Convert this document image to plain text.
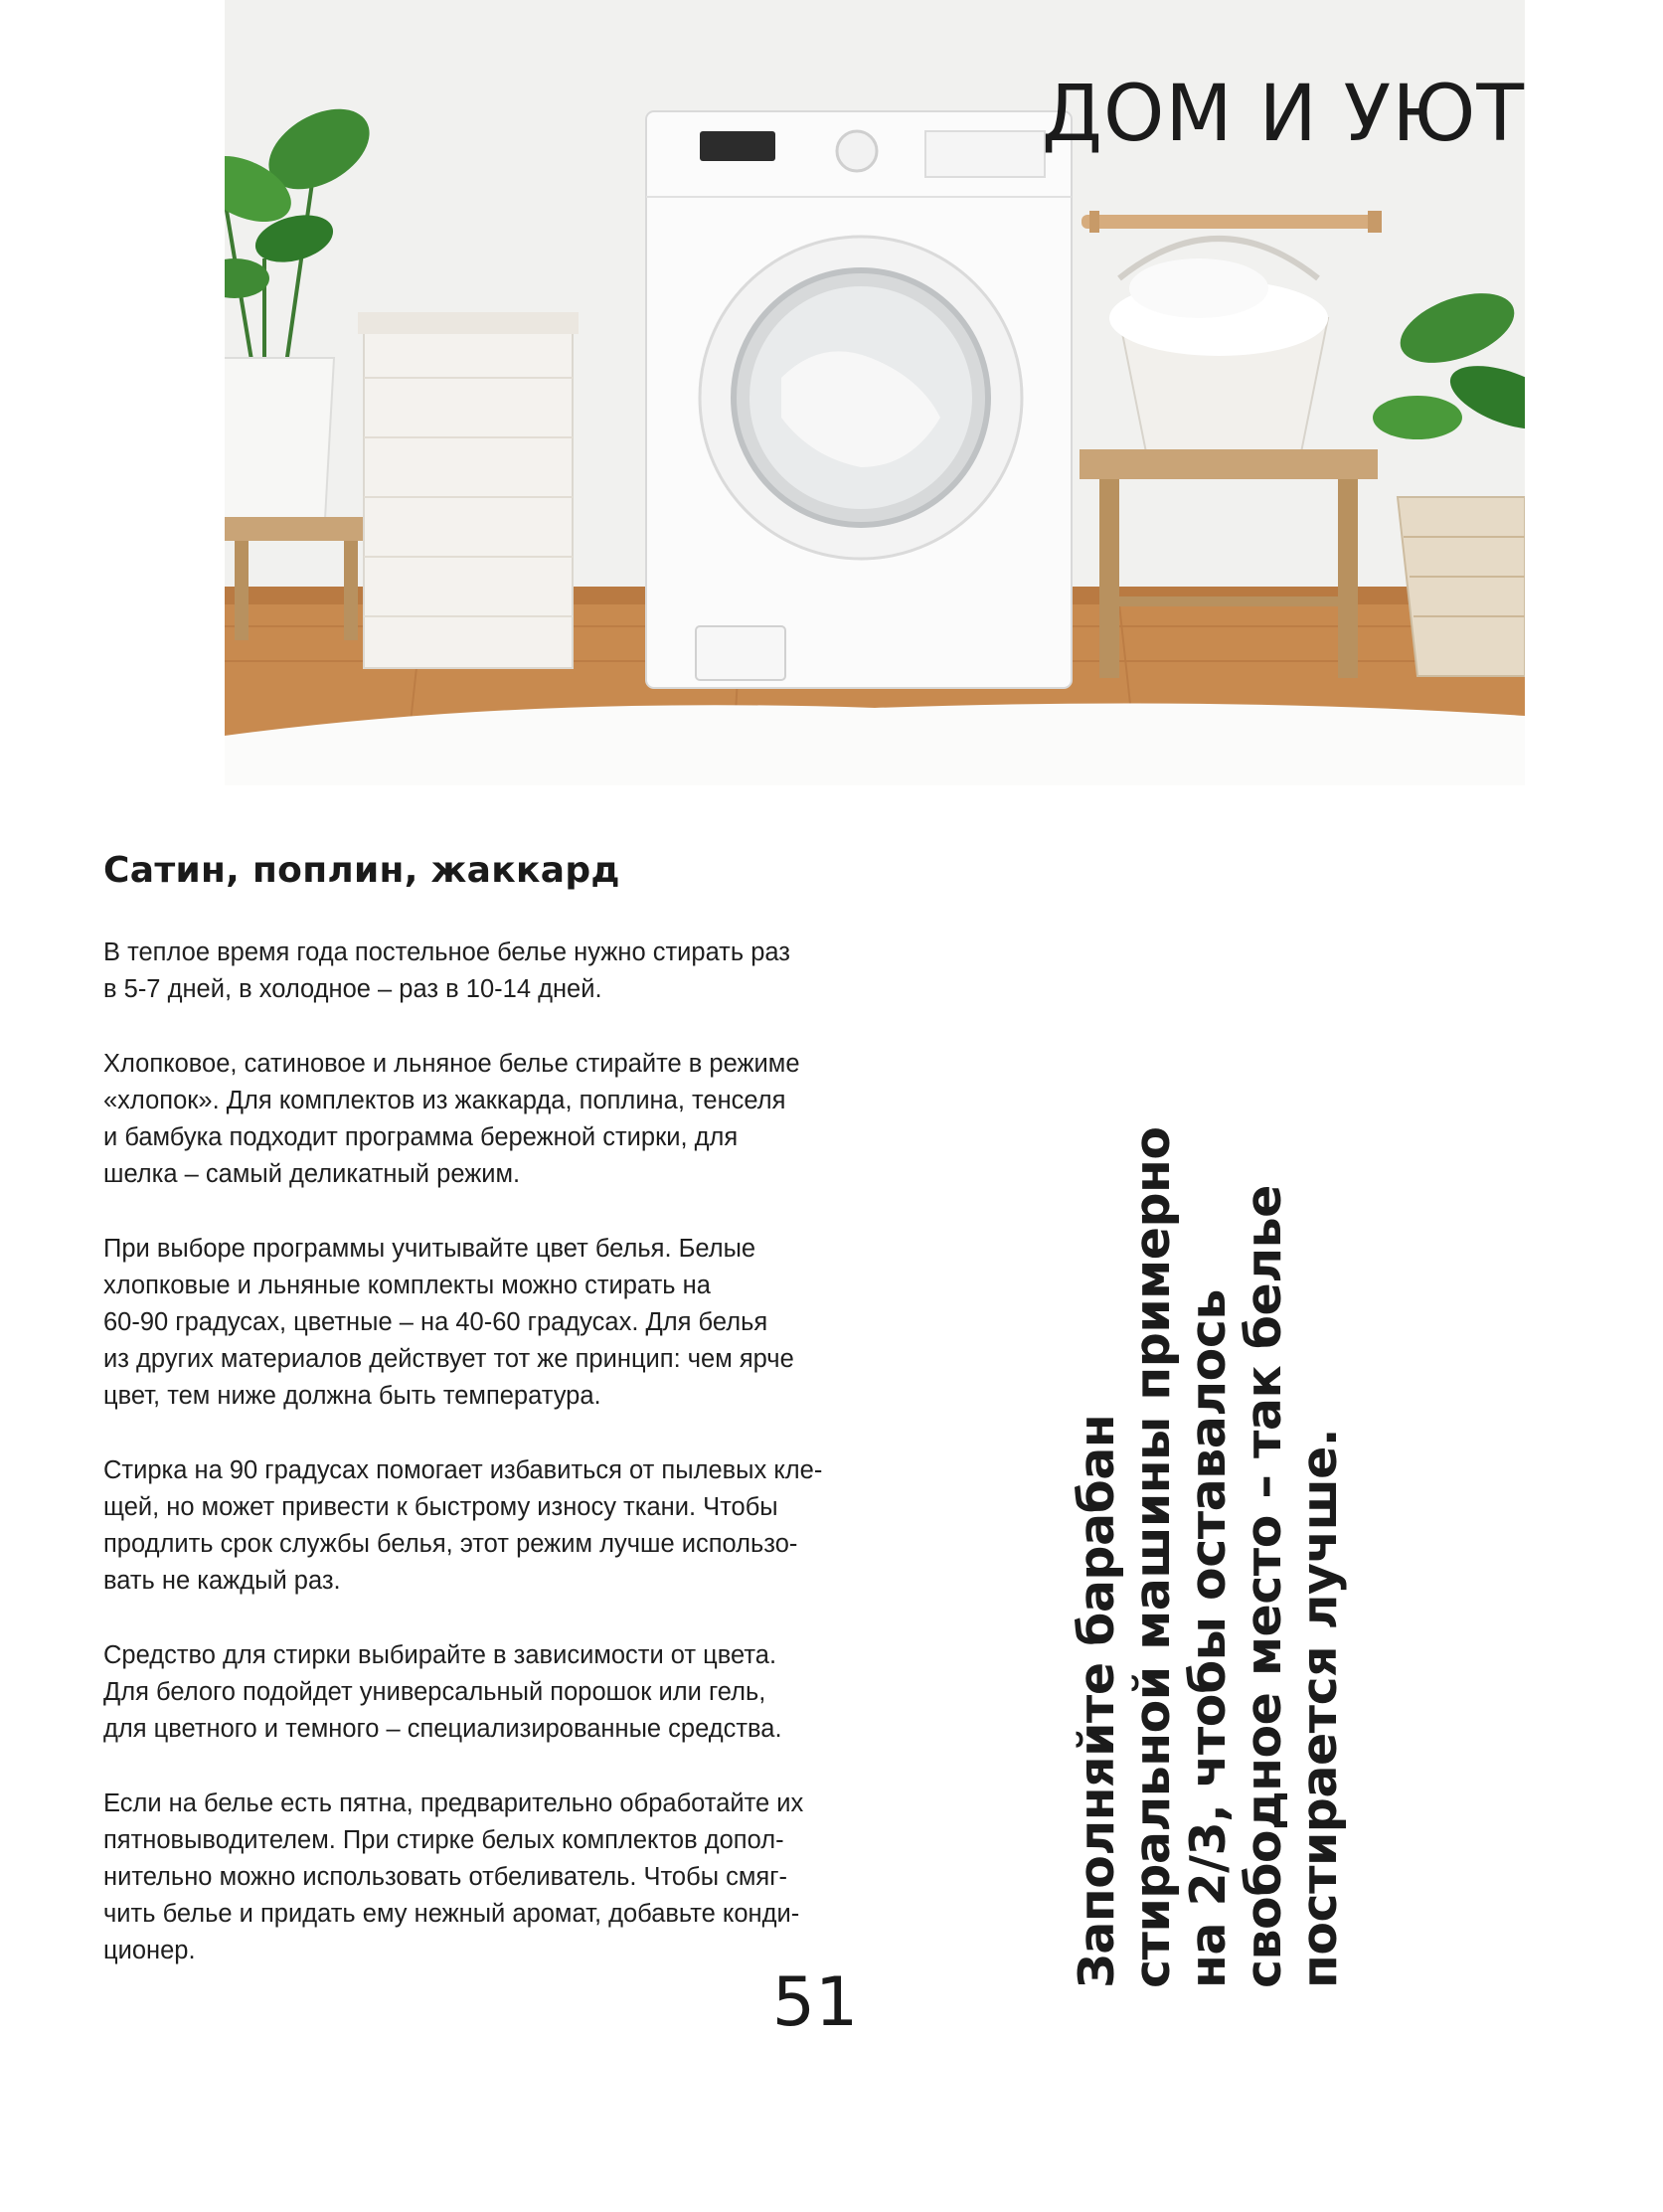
ДОМ И УЮТ
Сатин, поплин, жаккард

В теплое время года постельное белье нужно стирать раз
в 5-7 дней, в холодное – раз в 10-14 дней.

Хлопковое, сатиновое и льняное белье стирайте в режиме
«хлопок». Для комплектов из жаккарда, поплина, тенселя
и бамбука подходит программа бережной стирки, для
шелка – самый деликатный режим.

При выборе программы учитывайте цвет белья. Белые
хлопковые и льняные комплекты можно стирать на
60-90 градусах, цветные – на 40-60 градусах. Для белья
из других материалов действует тот же принцип: чем ярче
цвет, тем ниже должна быть температура.

Стирка на 90 градусах помогает избавиться от пылевых кле-
щей, но может привести к быстрому износу ткани. Чтобы
продлить срок службы белья, этот режим лучше использо-
вать не каждый раз.

Средство для стирки выбирайте в зависимости от цвета.
Для белого подойдет универсальный порошок или гель,
для цветного и темного – специализированные средства.

Если на белье есть пятна, предварительно обработайте их
пятновыводителем. При стирке белых комплектов допол-
нительно можно использовать отбеливатель. Чтобы смяг-
чить белье и придать ему нежный аромат, добавьте конди-
ционер.	Заполняйте барабан
стиральной машины примерно
на 2/3, чтобы оставалось
свободное место – так белье
постирается лучше.
51
